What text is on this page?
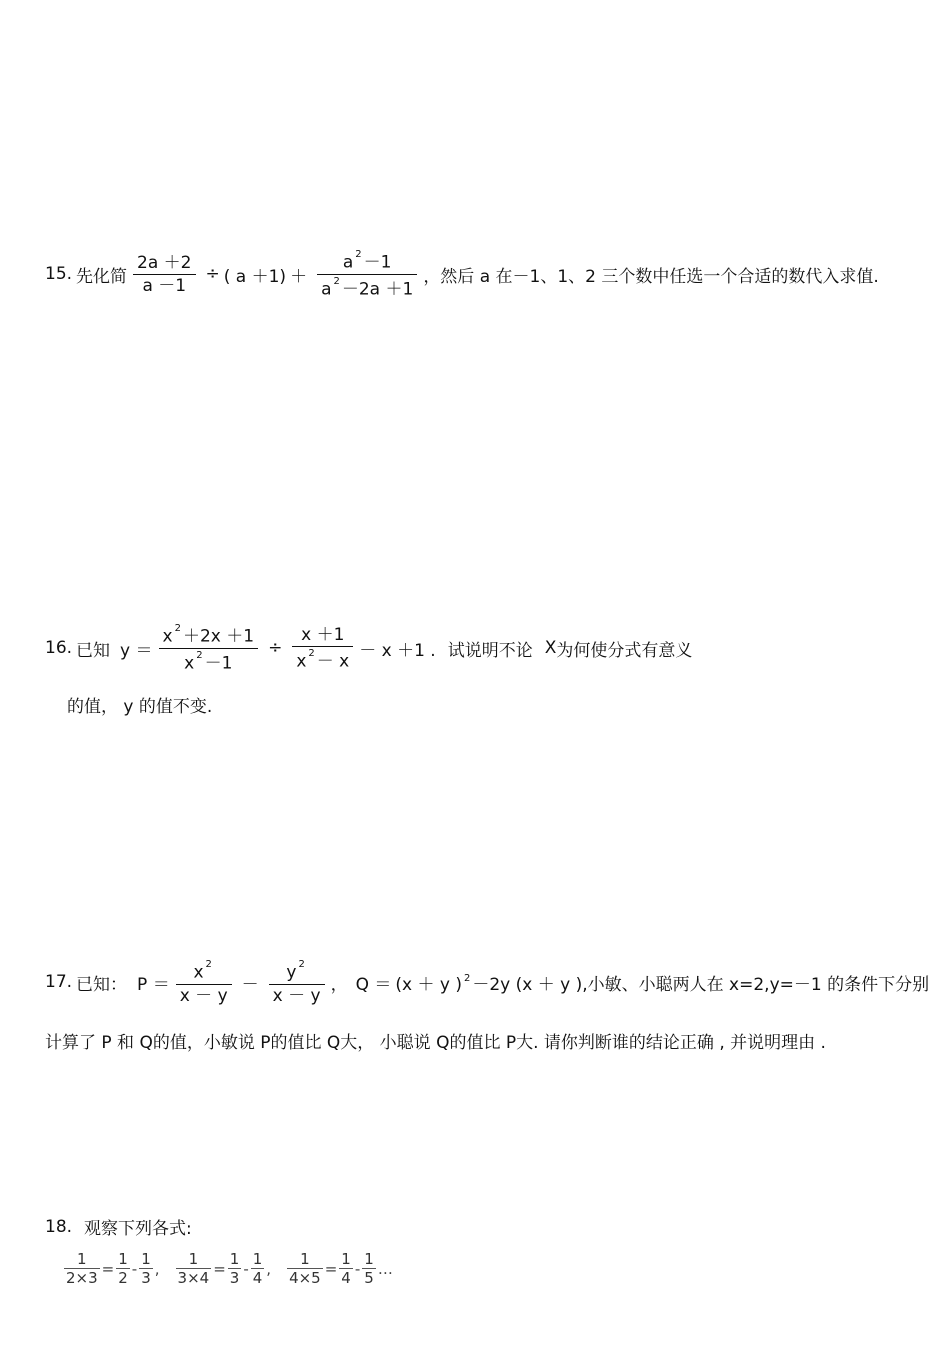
15. 先化简 $\frac{2a +2}{a -1}$ ÷ ( $a +1) + \frac{a ^2 -1}{a ^2 -2a +1}$ ，然后 a 在－1、1、2 三个数中任选一个合适的数代入求值.
16. 已知 $y = \frac{x ^2 +2x +1}{x ^2 -1} \div \frac{x +1}{x ^2 - x} - x +1$ . 试说明不论 X 为何使分式有意义
的值， y 的值不变.
17. 已知： $P = \frac{x ^2}{x - y} - \frac{y ^2}{x - y}$ ， Q ＝ (x ＋ y )$^2$ －2y (x ＋ y ), 小敏、小聪两人在 x=2,y=－1 的条件下分别
计算了 P 和 Q的值，小敏说 P的值比 Q大， 小聪说 Q的值比 P大. 请你判断谁的结论正确 , 并说明理由 .
18. 观察下列各式:
$\frac{1}{2\times 3} = \frac{1}{2} - \frac{1}{3}$ , $\frac{1}{3\times 4} = \frac{1}{3} - \frac{1}{4}$ , $\frac{1}{4\times 5} = \frac{1}{4} - \frac{1}{5}$ …
